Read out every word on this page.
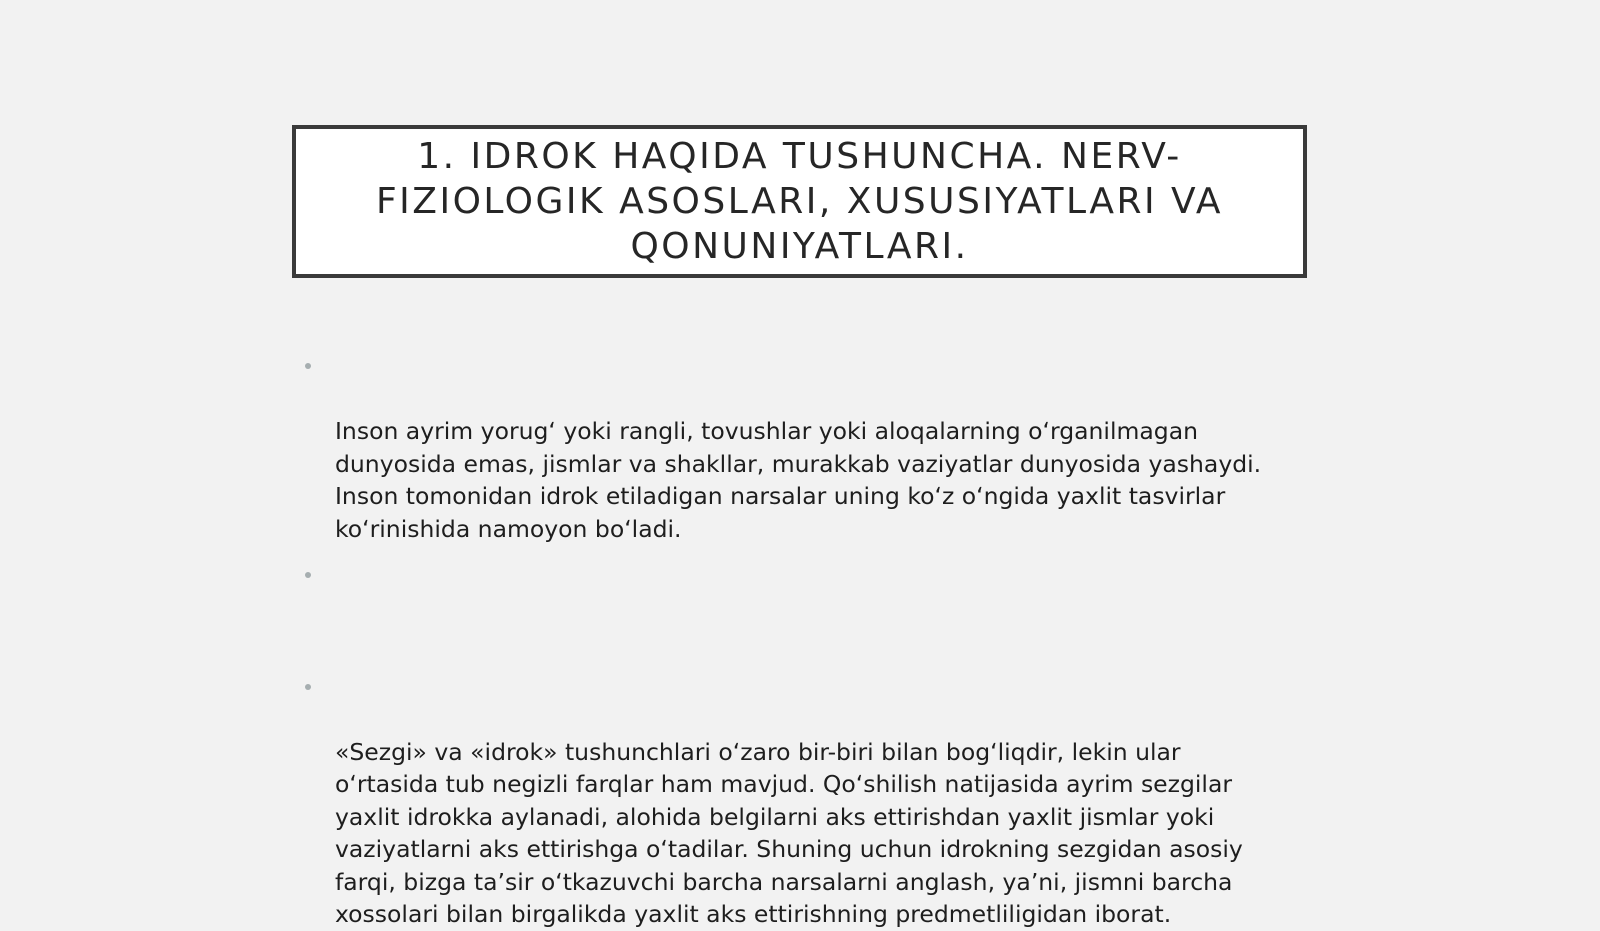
1. IDROK HAQIDA TUSHUNCHA. NERV-
FIZIOLOGIK ASOSLARI, XUSUSIYATLARI VA
QONUNIYATLARI.

Inson ayrim yorugʻ yoki rangli, tovushlar yoki aloqalarning oʻrganilmagan
dunyosida emas, jismlar va shakllar, murakkab vaziyatlar dunyosida yashaydi.
Inson tomonidan idrok etiladigan narsalar uning koʻz oʻngida yaxlit tasvirlar
koʻrinishida namoyon boʻladi.

«Sezgi» va «idrok» tushunchlari oʻzaro bir-biri bilan bogʻliqdir, lekin ular
oʻrtasida tub negizli farqlar ham mavjud. Qoʻshilish natijasida ayrim sezgilar
yaxlit idrokka aylanadi, alohida belgilarni aks ettirishdan yaxlit jismlar yoki
vaziyatlarni aks ettirishga oʻtadilar. Shuning uchun idrokning sezgidan asosiy
farqi, bizga ta’sir oʻtkazuvchi barcha narsalarni anglash, ya’ni, jismni barcha
xossolari bilan birgalikda yaxlit aks ettirishning predmetliligidan iborat.
